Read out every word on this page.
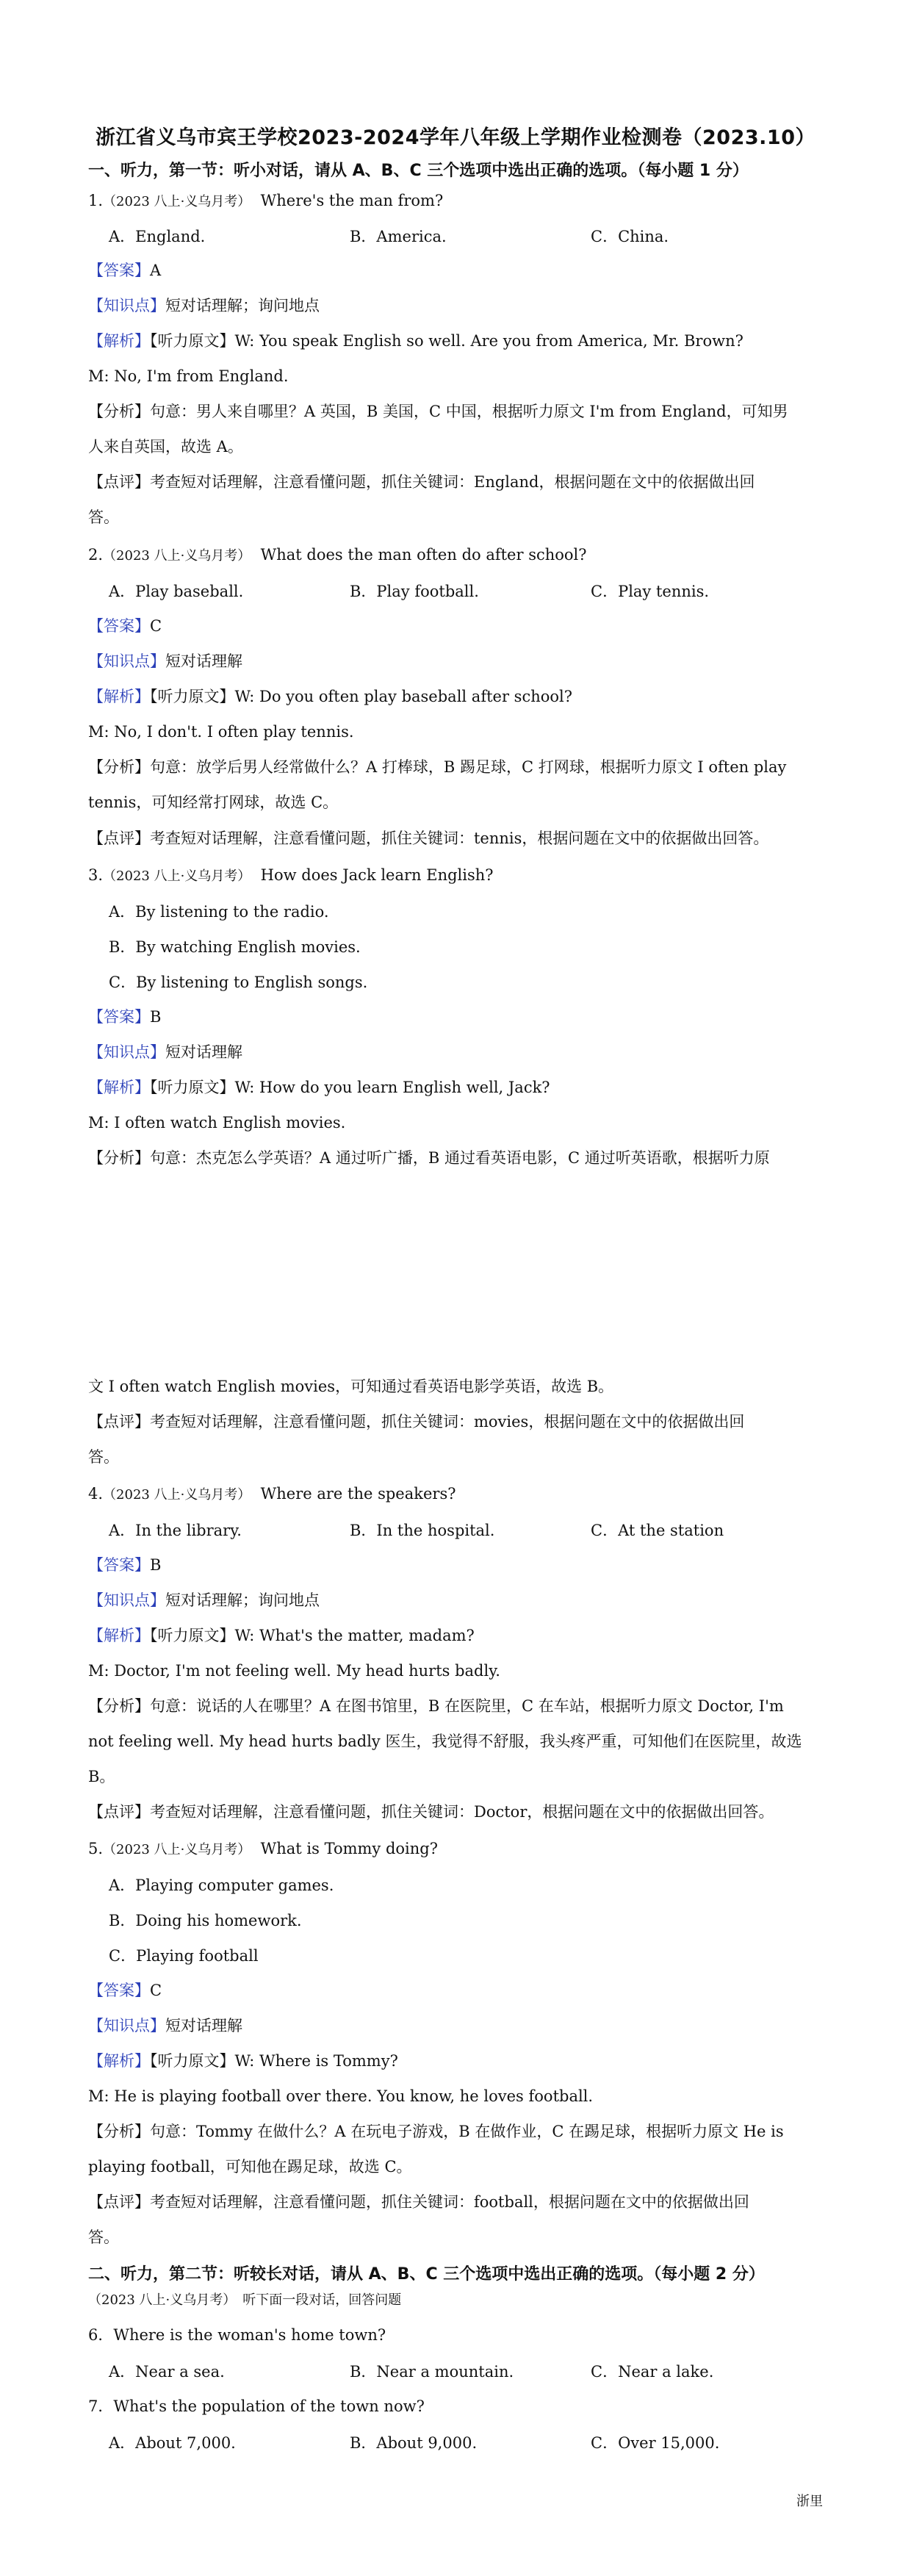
浙江省义乌市宾王学校2023-2024学年八年级上学期作业检测卷（2023.10）
一、听力，第一节：听小对话，请从 A、B、C 三个选项中选出正确的选项。（每小题 1 分）
1.（2023 八上·义乌月考） Where's the man from?
A．England.	B．America.	C．China.
【答案】A
【知识点】短对话理解；询问地点
【解析】【听力原文】W: You speak English so well. Are you from America, Mr. Brown?
M: No, I'm from England.
【分析】句意：男人来自哪里？A 英国，B 美国，C 中国，根据听力原文 I'm from England，可知男
人来自英国，故选 A。
【点评】考查短对话理解，注意看懂问题，抓住关键词：England，根据问题在文中的依据做出回
答。
2.（2023 八上·义乌月考） What does the man often do after school?
A．Play baseball.	B．Play football.	C．Play tennis.
【答案】C
【知识点】短对话理解
【解析】【听力原文】W: Do you often play baseball after school?
M: No, I don't. I often play tennis.
【分析】句意：放学后男人经常做什么？A 打棒球，B 踢足球，C 打网球，根据听力原文 I often play
tennis，可知经常打网球，故选 C。
【点评】考查短对话理解，注意看懂问题，抓住关键词：tennis，根据问题在文中的依据做出回答。
3.（2023 八上·义乌月考） How does Jack learn English?
A．By listening to the radio.
B．By watching English movies.
C．By listening to English songs.
【答案】B
【知识点】短对话理解
【解析】【听力原文】W: How do you learn English well, Jack?
M: I often watch English movies.
【分析】句意：杰克怎么学英语？A 通过听广播，B 通过看英语电影，C 通过听英语歌，根据听力原
文 I often watch English movies，可知通过看英语电影学英语，故选 B。
【点评】考查短对话理解，注意看懂问题，抓住关键词：movies，根据问题在文中的依据做出回
答。
4.（2023 八上·义乌月考） Where are the speakers?
A．In the library.	B．In the hospital.	C．At the station
【答案】B
【知识点】短对话理解；询问地点
【解析】【听力原文】W: What's the matter, madam?
M: Doctor, I'm not feeling well. My head hurts badly.
【分析】句意：说话的人在哪里？A 在图书馆里，B 在医院里，C 在车站，根据听力原文 Doctor, I'm
not feeling well. My head hurts badly 医生，我觉得不舒服，我头疼严重，可知他们在医院里，故选
B。
【点评】考查短对话理解，注意看懂问题，抓住关键词：Doctor，根据问题在文中的依据做出回答。
5.（2023 八上·义乌月考） What is Tommy doing?
A．Playing computer games.
B．Doing his homework.
C．Playing football
【答案】C
【知识点】短对话理解
【解析】【听力原文】W: Where is Tommy?
M: He is playing football over there. You know, he loves football.
【分析】句意：Tommy 在做什么？A 在玩电子游戏，B 在做作业，C 在踢足球，根据听力原文 He is
playing football，可知他在踢足球，故选 C。
【点评】考查短对话理解，注意看懂问题，抓住关键词：football，根据问题在文中的依据做出回
答。
二、听力，第二节：听较长对话，请从 A、B、C 三个选项中选出正确的选项。（每小题 2 分）
（2023 八上·义乌月考）　听下面一段对话，回答问题
6．Where is the woman's home town?
A．Near a sea.	B．Near a mountain.	C．Near a lake.
7．What's the population of the town now?
A．About 7,000.	B．About 9,000.	C．Over 15,000.
浙里
